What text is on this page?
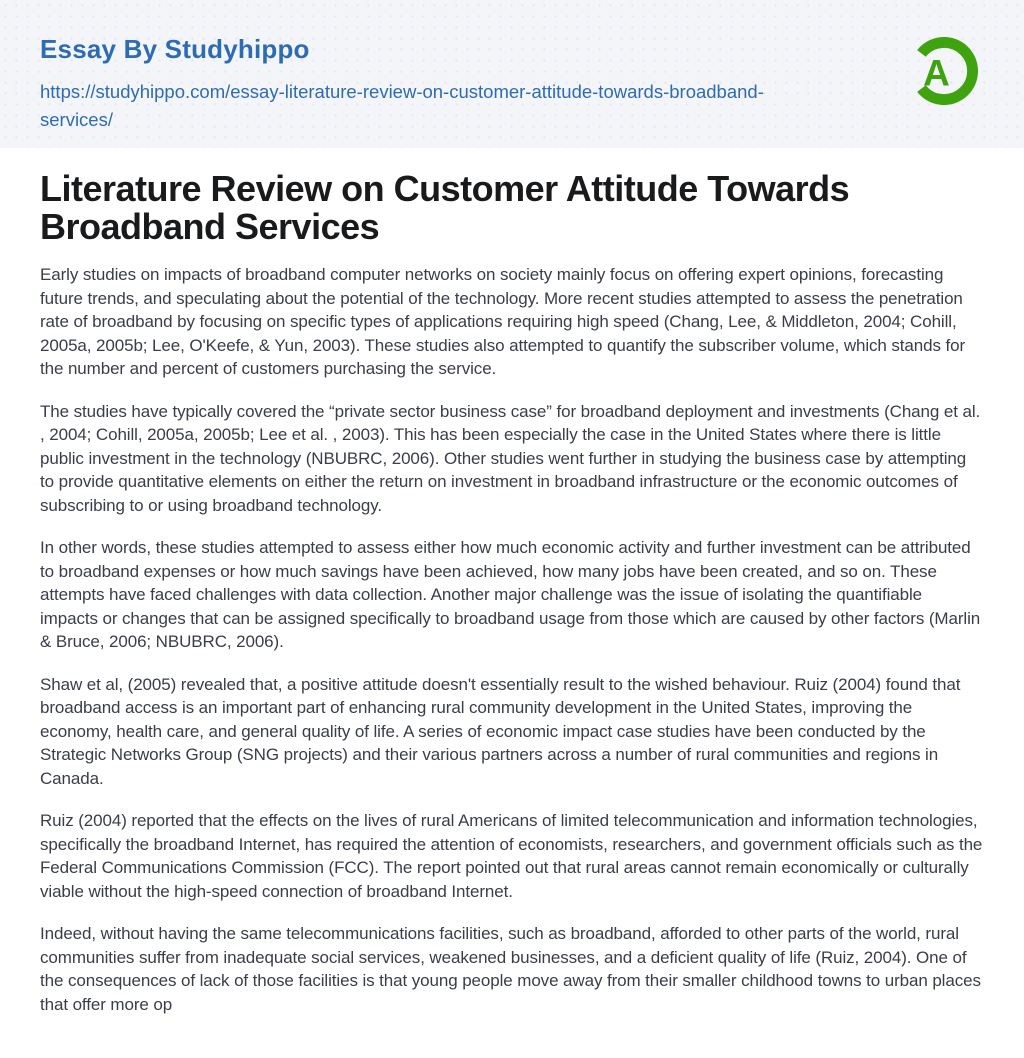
Essay By Studyhippo
https://studyhippo.com/essay-literature-review-on-customer-attitude-towards-broadband-services/
A
Literature Review on Customer Attitude Towards Broadband Services

Early studies on impacts of broadband computer networks on society mainly focus on offering expert opinions, forecasting future trends, and speculating about the potential of the technology. More recent studies attempted to assess the penetration rate of broadband by focusing on specific types of applications requiring high speed (Chang, Lee, & Middleton, 2004; Cohill, 2005a, 2005b; Lee, O'Keefe, & Yun, 2003). These studies also attempted to quantify the subscriber volume, which stands for the number and percent of customers purchasing the service.

The studies have typically covered the “private sector business case” for broadband deployment and investments (Chang et al. , 2004; Cohill, 2005a, 2005b; Lee et al. , 2003). This has been especially the case in the United States where there is little public investment in the technology (NBUBRC, 2006). Other studies went further in studying the business case by attempting to provide quantitative elements on either the return on investment in broadband infrastructure or the economic outcomes of subscribing to or using broadband technology.

In other words, these studies attempted to assess either how much economic activity and further investment can be attributed to broadband expenses or how much savings have been achieved, how many jobs have been created, and so on. These attempts have faced challenges with data collection. Another major challenge was the issue of isolating the quantifiable impacts or changes that can be assigned specifically to broadband usage from those which are caused by other factors (Marlin & Bruce, 2006; NBUBRC, 2006).

Shaw et al, (2005) revealed that, a positive attitude doesn't essentially result to the wished behaviour. Ruiz (2004) found that broadband access is an important part of enhancing rural community development in the United States, improving the economy, health care, and general quality of life. A series of economic impact case studies have been conducted by the Strategic Networks Group (SNG projects) and their various partners across a number of rural communities and regions in Canada.

Ruiz (2004) reported that the effects on the lives of rural Americans of limited telecommunication and information technologies, specifically the broadband Internet, has required the attention of economists, researchers, and government officials such as the Federal Communications Commission (FCC). The report pointed out that rural areas cannot remain economically or culturally viable without the high-speed connection of broadband Internet.

Indeed, without having the same telecommunications facilities, such as broadband, afforded to other parts of the world, rural communities suffer from inadequate social services, weakened businesses, and a deficient quality of life (Ruiz, 2004). One of the consequences of lack of those facilities is that young people move away from their smaller childhood towns to urban places that offer more op
